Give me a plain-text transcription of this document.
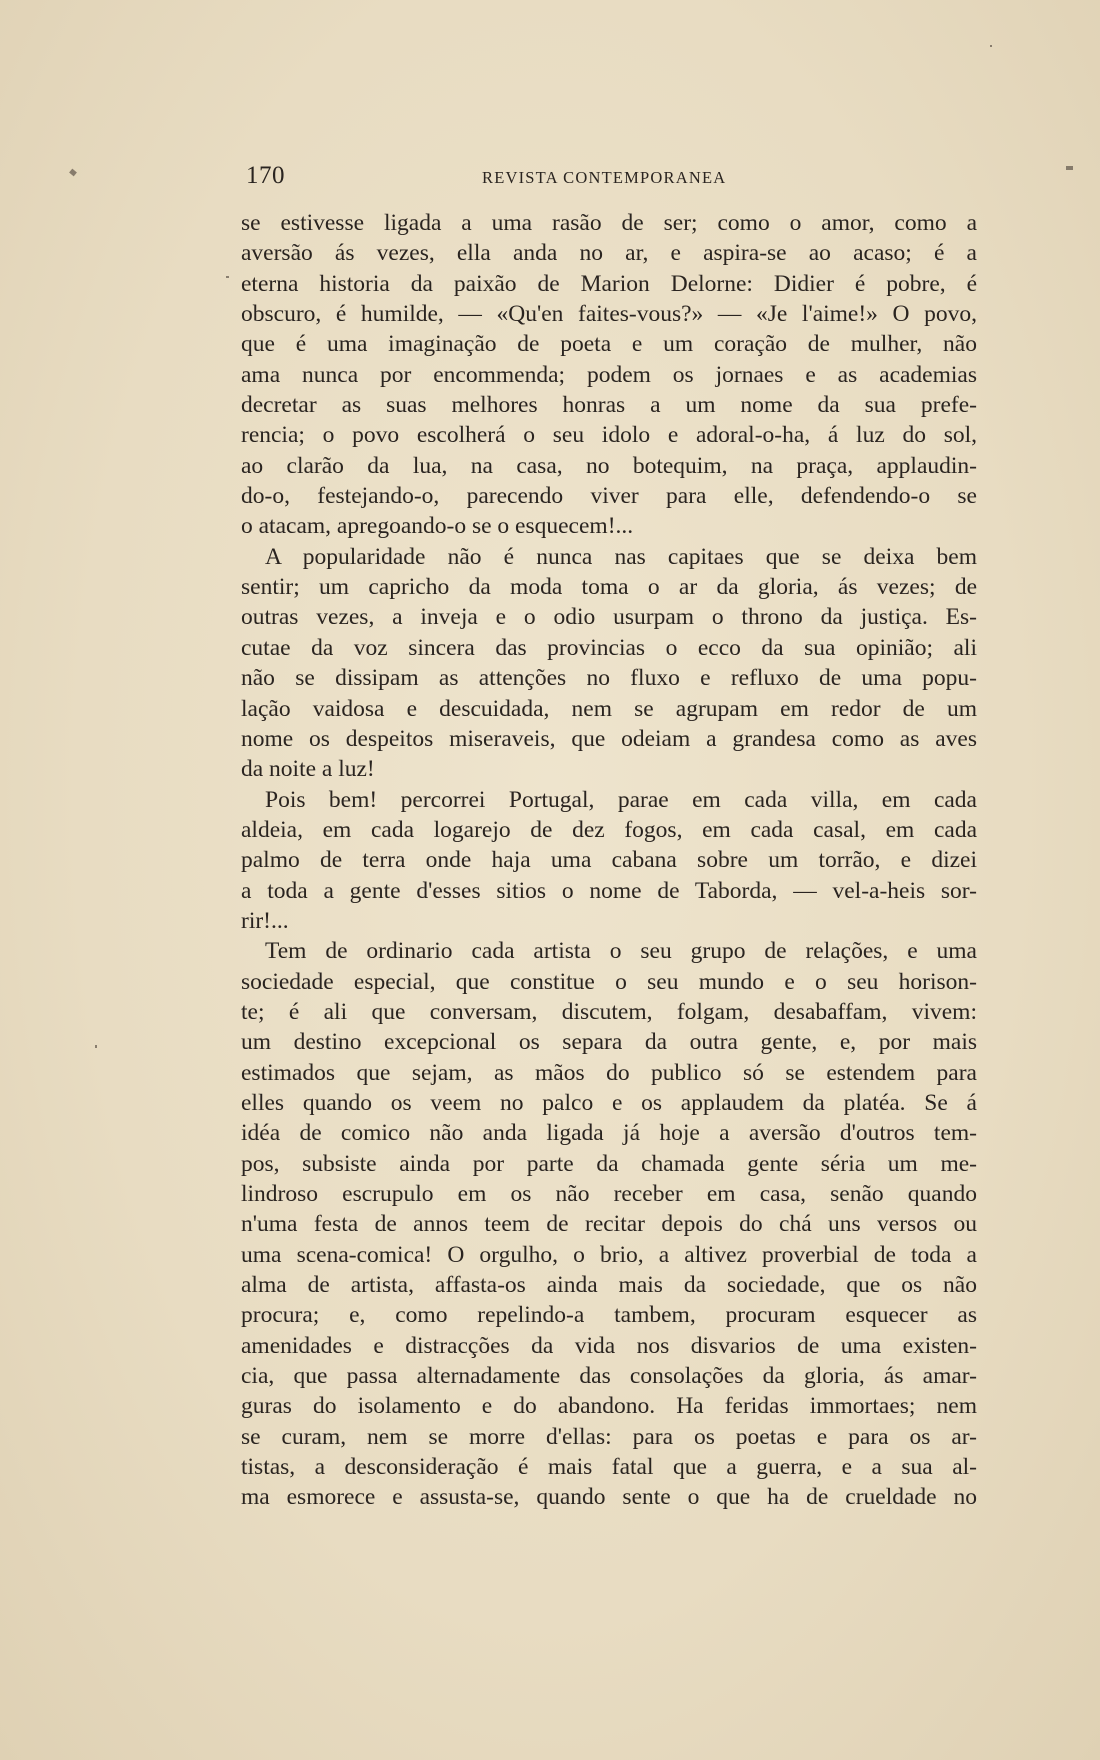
170	REVISTA CONTEMPORANEA
se estivesse ligada a uma rasão de ser; como o amor, como a
aversão ás vezes, ella anda no ar, e aspira-se ao acaso; é a
eterna historia da paixão de Marion Delorne: Didier é pobre, é
obscuro, é humilde, — «Qu'en faites-vous?» — «Je l'aime!» O povo,
que é uma imaginação de poeta e um coração de mulher, não
ama nunca por encommenda; podem os jornaes e as academias
decretar as suas melhores honras a um nome da sua prefe-
rencia; o povo escolherá o seu idolo e adoral-o-ha, á luz do sol,
ao clarão da lua, na casa, no botequim, na praça, applaudin-
do-o, festejando-o, parecendo viver para elle, defendendo-o se
o atacam, apregoando-o se o esquecem!...
A popularidade não é nunca nas capitaes que se deixa bem
sentir; um capricho da moda toma o ar da gloria, ás vezes; de
outras vezes, a inveja e o odio usurpam o throno da justiça. Es-
cutae da voz sincera das provincias o ecco da sua opinião; ali
não se dissipam as attenções no fluxo e refluxo de uma popu-
lação vaidosa e descuidada, nem se agrupam em redor de um
nome os despeitos miseraveis, que odeiam a grandesa como as aves
da noite a luz!
Pois bem! percorrei Portugal, parae em cada villa, em cada
aldeia, em cada logarejo de dez fogos, em cada casal, em cada
palmo de terra onde haja uma cabana sobre um torrão, e dizei
a toda a gente d'esses sitios o nome de Taborda, — vel-a-heis sor-
rir!...
Tem de ordinario cada artista o seu grupo de relações, e uma
sociedade especial, que constitue o seu mundo e o seu horison-
te; é ali que conversam, discutem, folgam, desabaffam, vivem:
um destino excepcional os separa da outra gente, e, por mais
estimados que sejam, as mãos do publico só se estendem para
elles quando os veem no palco e os applaudem da platéa. Se á
idéa de comico não anda ligada já hoje a aversão d'outros tem-
pos, subsiste ainda por parte da chamada gente séria um me-
lindroso escrupulo em os não receber em casa, senão quando
n'uma festa de annos teem de recitar depois do chá uns versos ou
uma scena-comica! O orgulho, o brio, a altivez proverbial de toda a
alma de artista, affasta-os ainda mais da sociedade, que os não
procura; e, como repelindo-a tambem, procuram esquecer as
amenidades e distracções da vida nos disvarios de uma existen-
cia, que passa alternadamente das consolações da gloria, ás amar-
guras do isolamento e do abandono. Ha feridas immortaes; nem
se curam, nem se morre d'ellas: para os poetas e para os ar-
tistas, a desconsideração é mais fatal que a guerra, e a sua al-
ma esmorece e assusta-se, quando sente o que ha de crueldade no
